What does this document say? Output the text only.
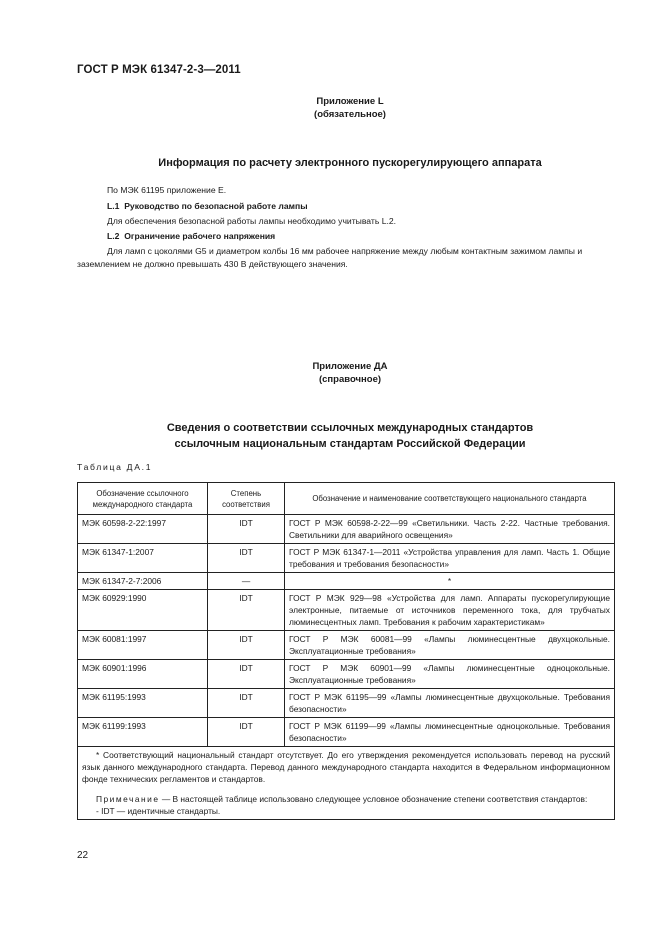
ГОСТ Р МЭК 61347-2-3—2011
Приложение L
(обязательное)
Информация по расчету электронного пускорегулирующего аппарата
По МЭК 61195 приложение E.
L.1 Руководство по безопасной работе лампы
Для обеспечения безопасной работы лампы необходимо учитывать L.2.
L.2 Ограничение рабочего напряжения
Для ламп с цоколями G5 и диаметром колбы 16 мм рабочее напряжение между любым контактным зажимом лампы и заземлением не должно превышать 430 В действующего значения.
Приложение ДА
(справочное)
Сведения о соответствии ссылочных международных стандартов
ссылочным национальным стандартам Российской Федерации
Таблица ДА.1
Обозначение ссылочного международного стандарта	Степень соответствия	Обозначение и наименование соответствующего национального стандарта
МЭК 60598-2-22:1997	IDT	ГОСТ Р МЭК 60598-2-22—99 «Светильники. Часть 2-22. Частные требования. Светильники для аварийного освещения»
МЭК 61347-1:2007	IDT	ГОСТ Р МЭК 61347-1—2011 «Устройства управления для ламп. Часть 1. Общие требования и требования безопасности»
МЭК 61347-2-7:2006	—	*
МЭК 60929:1990	IDT	ГОСТ Р МЭК 929—98 «Устройства для ламп. Аппараты пускорегулирующие электронные, питаемые от источников переменного тока, для трубчатых люминесцентных ламп. Требования к рабочим характеристикам»
МЭК 60081:1997	IDT	ГОСТ Р МЭК 60081—99 «Лампы люминесцентные двухцокольные. Эксплуатационные требования»
МЭК 60901:1996	IDT	ГОСТ Р МЭК 60901—99 «Лампы люминесцентные одноцокольные. Эксплуатационные требования»
МЭК 61195:1993	IDT	ГОСТ Р МЭК 61195—99 «Лампы люминесцентные двухцокольные. Требования безопасности»
МЭК 61199:1993	IDT	ГОСТ Р МЭК 61199—99 «Лампы люминесцентные одноцокольные. Требования безопасности»

* Соответствующий национальный стандарт отсутствует. До его утверждения рекомендуется использовать перевод на русский язык данного международного стандарта. Перевод данного международного стандарта находится в Федеральном информационном фонде технических регламентов и стандартов.

Примечание — В настоящей таблице использовано следующее условное обозначение степени соответствия стандартов:

- IDT — идентичные стандарты.		

22
